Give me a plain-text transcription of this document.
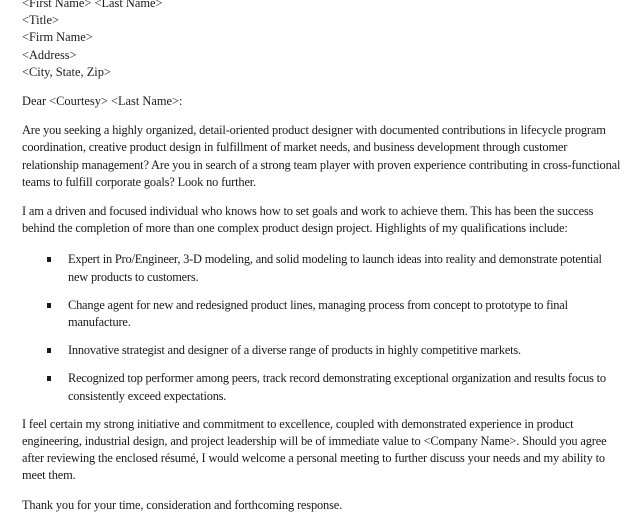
<First Name> <Last Name>
<Title>
<Firm Name>
<Address>
<City, State, Zip>
Dear <Courtesy> <Last Name>:

Are you seeking a highly organized, detail-oriented product designer with documented contributions in lifecycle program coordination, creative product design in fulfillment of market needs, and business development through customer relationship management? Are you in search of a strong team player with proven experience contributing in cross-functional teams to fulfill corporate goals? Look no further.

I am a driven and focused individual who knows how to set goals and work to achieve them. This has been the success behind the completion of more than one complex product design project. Highlights of my qualifications include:

Expert in Pro/Engineer, 3-D modeling, and solid modeling to launch ideas into reality and demonstrate potential new products to customers.
Change agent for new and redesigned product lines, managing process from concept to prototype to final manufacture.
Innovative strategist and designer of a diverse range of products in highly competitive markets.
Recognized top performer among peers, track record demonstrating exceptional organization and results focus to consistently exceed expectations.

I feel certain my strong initiative and commitment to excellence, coupled with demonstrated experience in product engineering, industrial design, and project leadership will be of immediate value to <Company Name>. Should you agree after reviewing the enclosed résumé, I would welcome a personal meeting to further discuss your needs and my ability to meet them.

Thank you for your time, consideration and forthcoming response.
